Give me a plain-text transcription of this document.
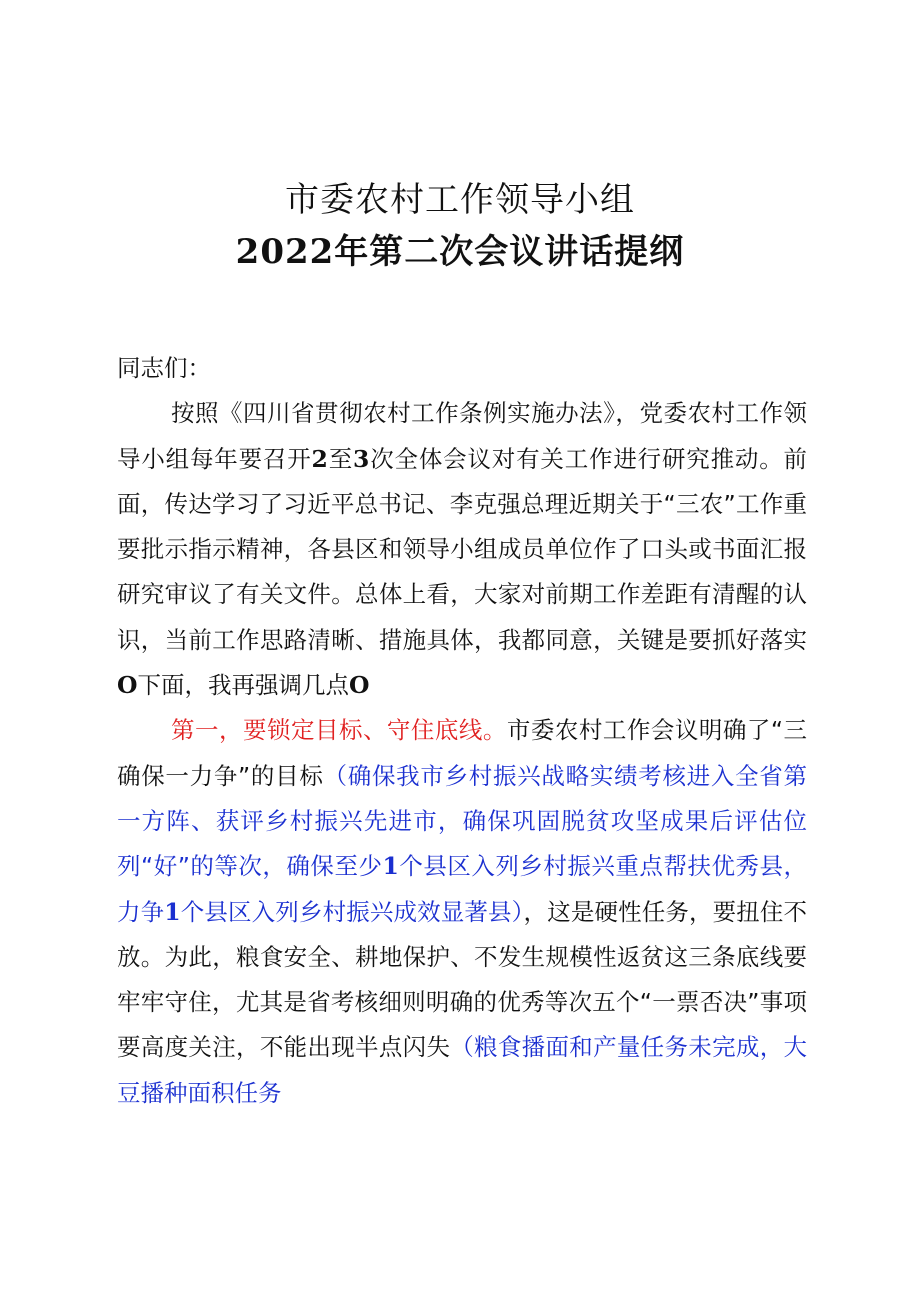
市委农村工作领导小组
2022年第二次会议讲话提纲

同志们：

按照《四川省贯彻农村工作条例实施办法》，党委农村工作领导小组每年要召开2至3次全体会议对有关工作进行研究推动。前面，传达学习了习近平总书记、李克强总理近期关于“三农”工作重要批示指示精神，各县区和领导小组成员单位作了口头或书面汇报研究审议了有关文件。总体上看，大家对前期工作差距有清醒的认识，当前工作思路清晰、措施具体，我都同意，关键是要抓好落实O下面，我再强调几点O

第一，要锁定目标、守住底线。市委农村工作会议明确了“三确保一力争”的目标（确保我市乡村振兴战略实绩考核进入全省第一方阵、获评乡村振兴先进市，确保巩固脱贫攻坚成果后评估位列“好”的等次，确保至少1个县区入列乡村振兴重点帮扶优秀县，力争1个县区入列乡村振兴成效显著县），这是硬性任务，要扭住不放。为此，粮食安全、耕地保护、不发生规模性返贫这三条底线要牢牢守住，尤其是省考核细则明确的优秀等次五个“一票否决”事项要高度关注，不能出现半点闪失（粮食播面和产量任务未完成，大豆播种面积任务
